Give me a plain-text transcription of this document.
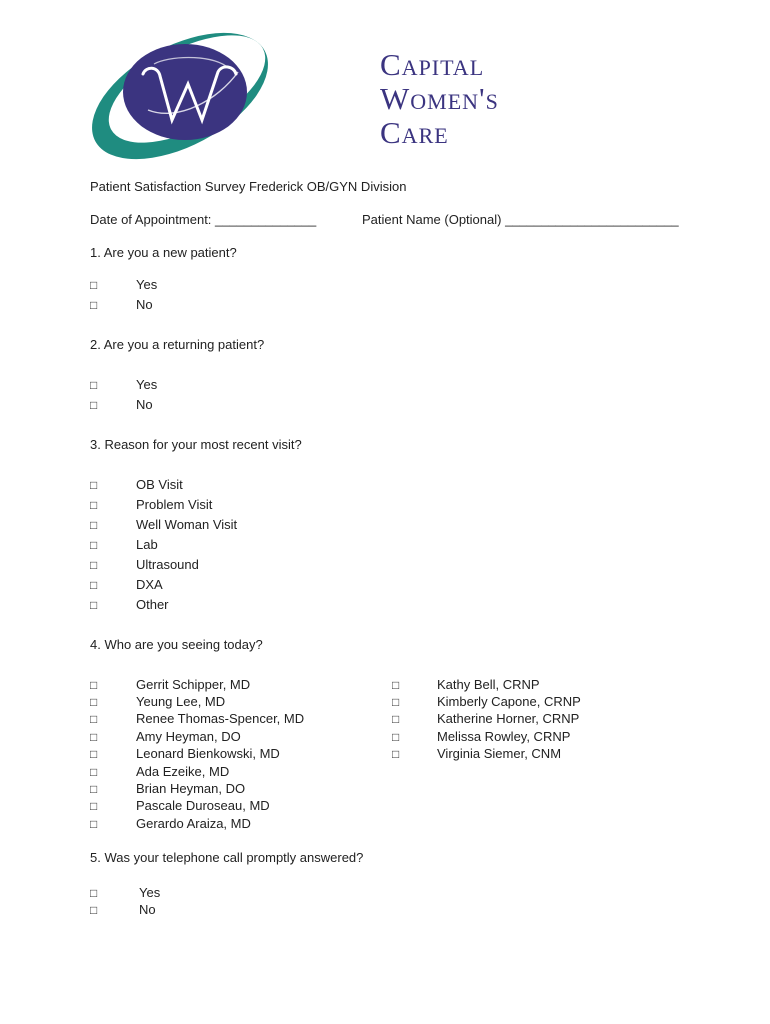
Capital
Women's
Care
Patient Satisfaction Survey Frederick OB/GYN Division
Date of Appointment: ______________	Patient Name (Optional) ________________________
1. Are you a new patient?
□	Yes
□	No
2. Are you a returning patient?
□	Yes
□	No
3. Reason for your most recent visit?
□	OB Visit
□	Problem Visit
□	Well Woman Visit
□	Lab
□	Ultrasound
□	DXA
□	Other
4. Who are you seeing today?
□	Gerrit Schipper, MD
□	Yeung Lee, MD
□	Renee Thomas-Spencer, MD
□	Amy Heyman, DO
□	Leonard Bienkowski, MD
□	Ada Ezeike, MD
□	Brian Heyman, DO
□	Pascale Duroseau, MD
□	Gerardo Araiza, MD
□	Kathy Bell, CRNP
□	Kimberly Capone, CRNP
□	Katherine Horner, CRNP
□	Melissa Rowley, CRNP
□	Virginia Siemer, CNM
5. Was your telephone call promptly answered?
□	Yes
□	No
